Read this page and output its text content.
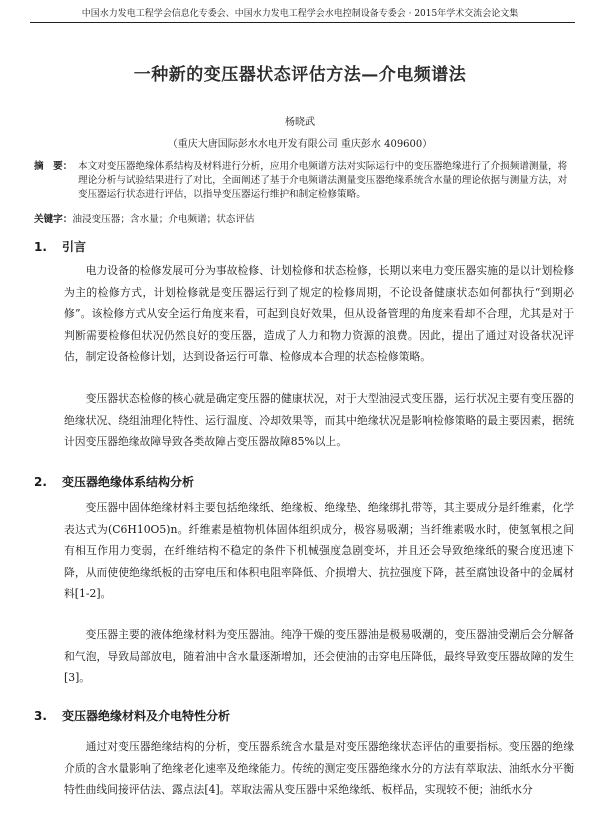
中国水力发电工程学会信息化专委会、中国水力发电工程学会水电控制设备专委会 · 2015年学术交流会论文集
一种新的变压器状态评估方法—介电频谱法
杨晓武
（重庆大唐国际彭水水电开发有限公司 重庆彭水 409600）
摘　要： 本文对变压器绝缘体系结构及材料进行分析，应用介电频谱方法对实际运行中的变压器绝缘进行了介损频谱测量，将理论分析与试验结果进行了对比，全面阐述了基于介电频谱法测量变压器绝缘系统含水量的理论依据与测量方法，对变压器运行状态进行评估，以指导变压器运行维护和制定检修策略。
关键字：油浸变压器；含水量；介电频谱；状态评估
1. 引言

电力设备的检修发展可分为事故检修、计划检修和状态检修，长期以来电力变压器实施的是以计划检修为主的检修方式，计划检修就是变压器运行到了规定的检修周期，不论设备健康状态如何都执行“到期必修”。该检修方式从安全运行角度来看，可起到良好效果，但从设备管理的角度来看却不合理，尤其是对于判断需要检修但状况仍然良好的变压器，造成了人力和物力资源的浪费。因此，提出了通过对设备状况评估，制定设备检修计划，达到设备运行可靠、检修成本合理的状态检修策略。

变压器状态检修的核心就是确定变压器的健康状况，对于大型油浸式变压器，运行状况主要有变压器的绝缘状况、绕组油理化特性、运行温度、冷却效果等，而其中绝缘状况是影响检修策略的最主要因素，据统计因变压器绝缘故障导致各类故障占变压器故障85%以上。

2. 变压器绝缘体系结构分析

变压器中固体绝缘材料主要包括绝缘纸、绝缘板、绝缘垫、绝缘绑扎带等，其主要成分是纤维素，化学表达式为(C6H10O5)n。纤维素是植物机体固体组织成分，极容易吸潮；当纤维素吸水时，使氢氧根之间有相互作用力变弱，在纤维结构不稳定的条件下机械强度急剧变坏，并且还会导致绝缘纸的聚合度迅速下降，从而使使绝缘纸板的击穿电压和体积电阻率降低、介损增大、抗拉强度下降，甚至腐蚀设备中的金属材料[1-2]。

变压器主要的液体绝缘材料为变压器油。纯净干燥的变压器油是极易吸潮的，变压器油受潮后会分解备和气泡，导致局部放电，随着油中含水量逐渐增加，还会使油的击穿电压降低，最终导致变压器故障的发生[3]。

3. 变压器绝缘材料及介电特性分析

通过对变压器绝缘结构的分析，变压器系统含水量是对变压器绝缘状态评估的重要指标。变压器的绝缘介质的含水量影响了绝缘老化速率及绝缘能力。传统的测定变压器绝缘水分的方法有萃取法、油纸水分平衡特性曲线间接评估法、露点法[4]。萃取法需从变压器中采绝缘纸、板样品，实现较不便；油纸水分
